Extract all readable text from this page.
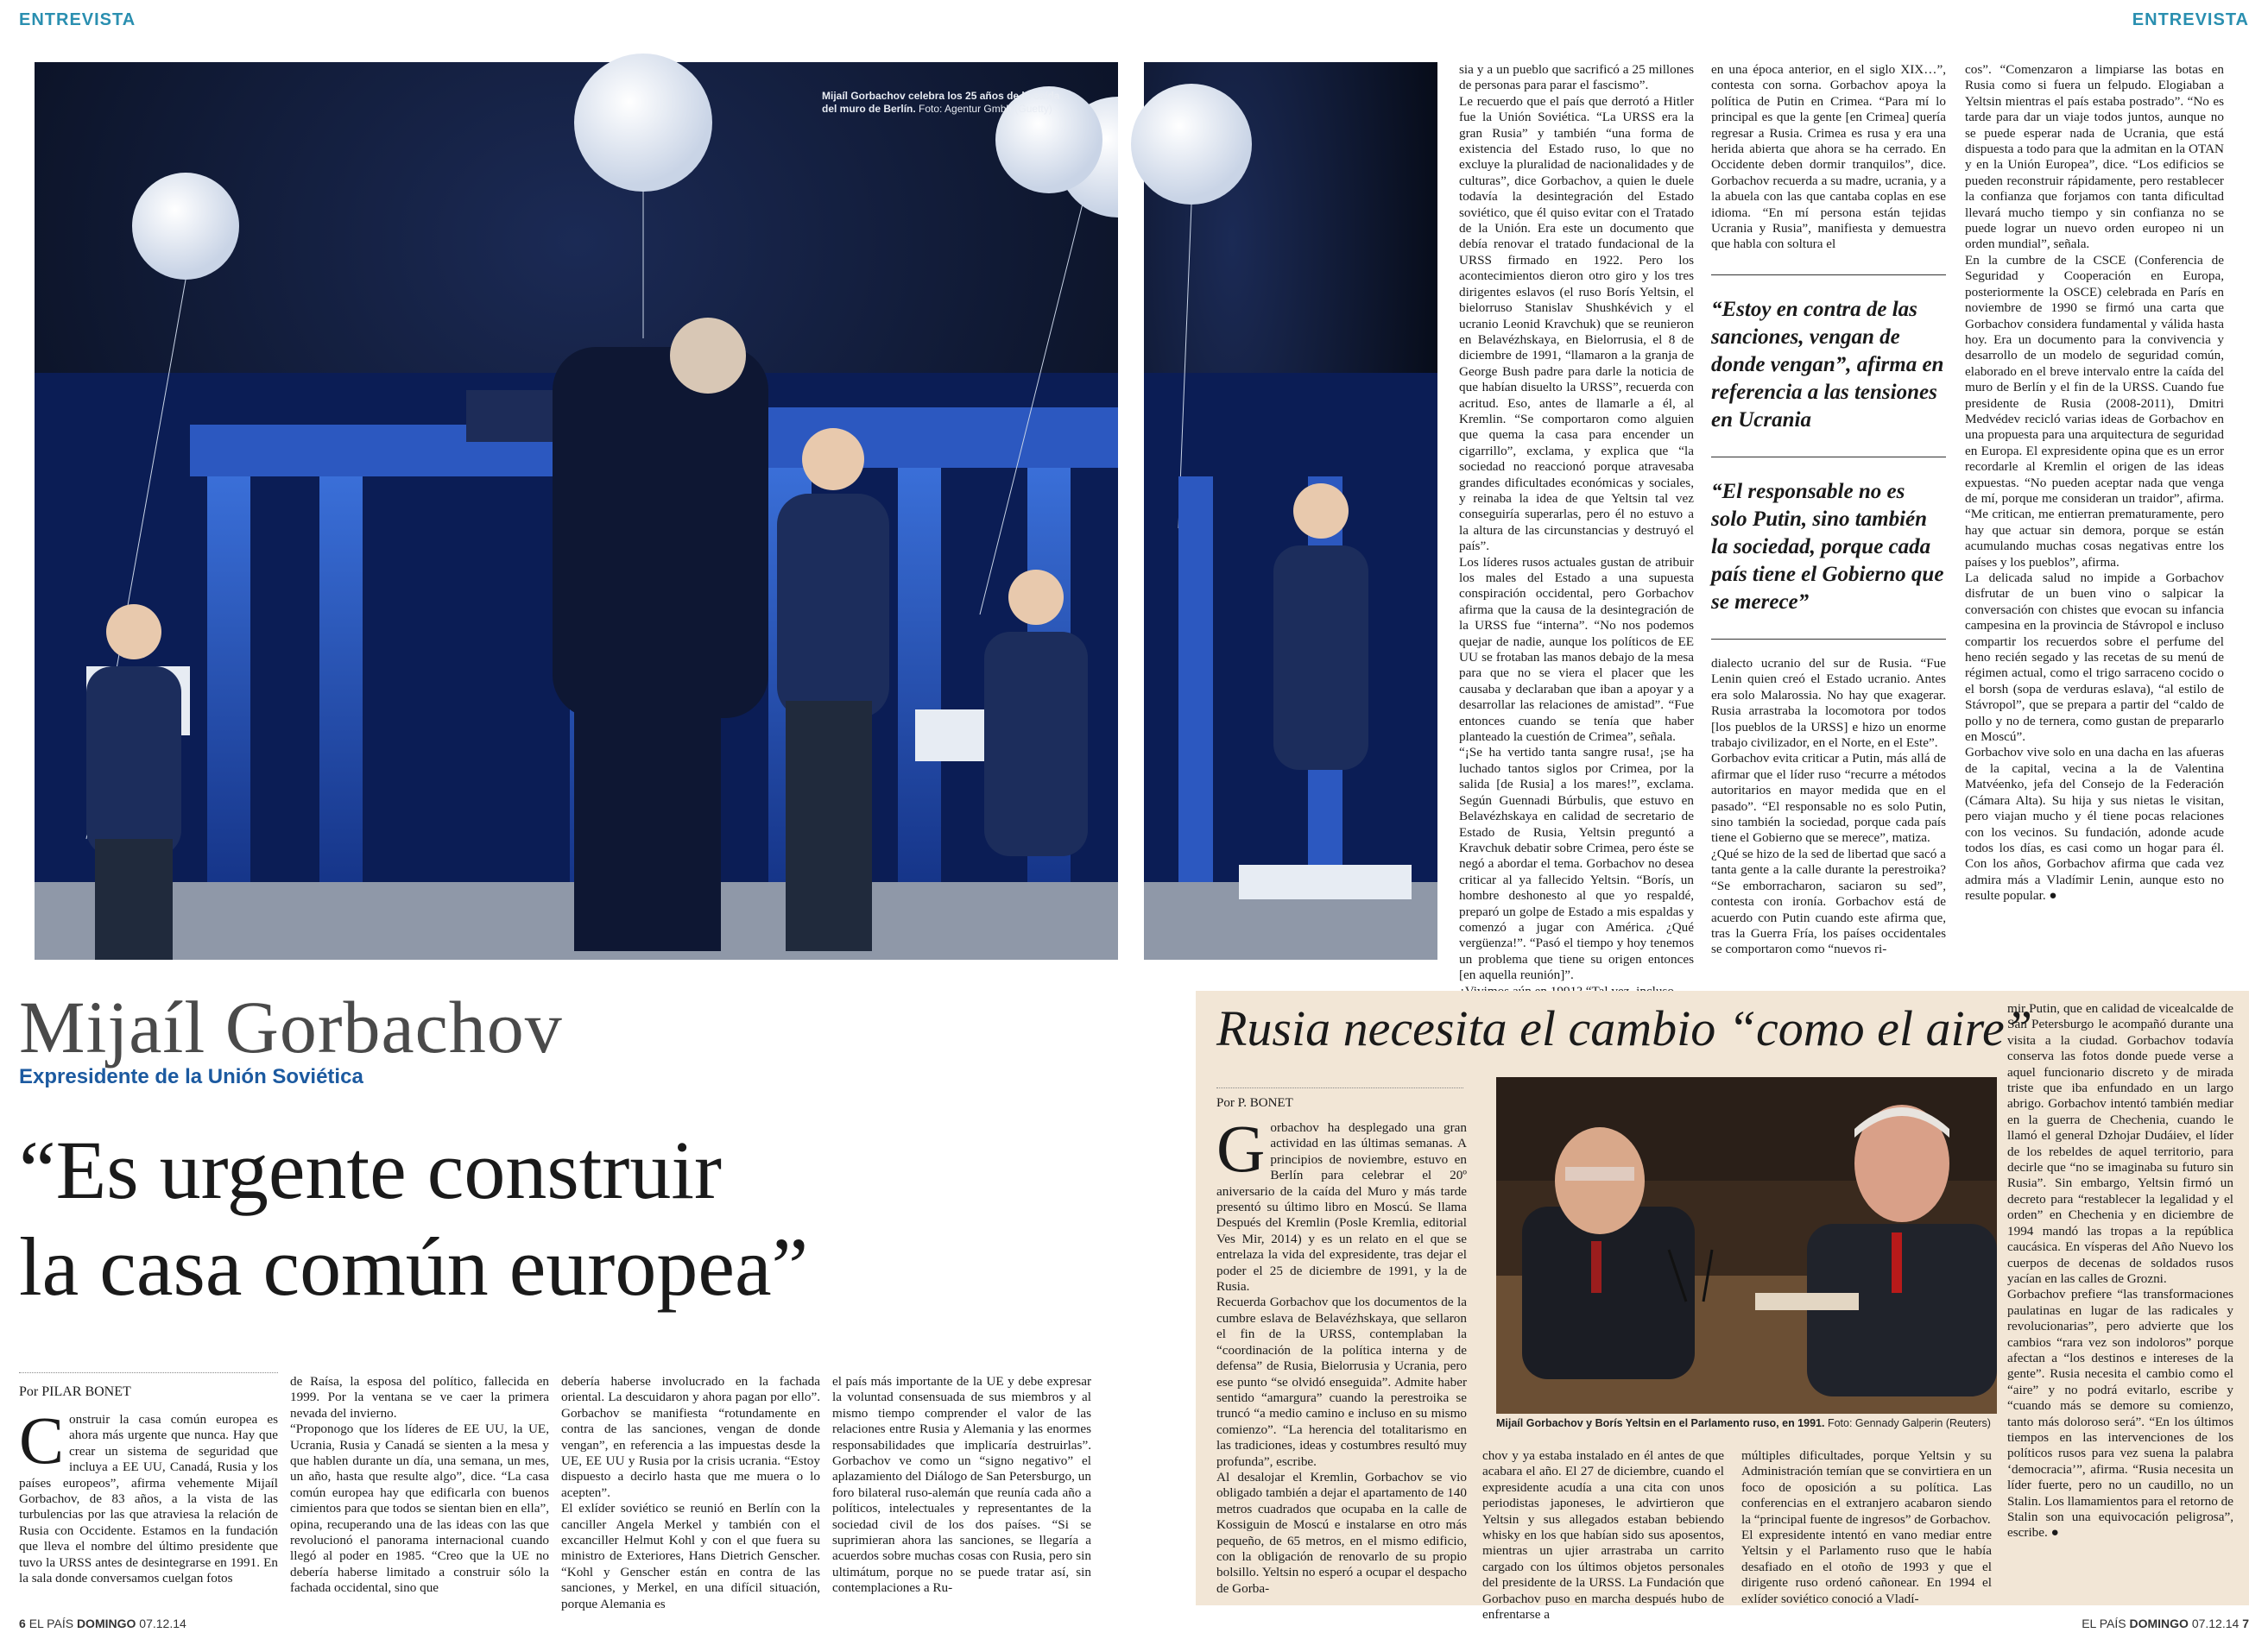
ENTREVISTA	ENTREVISTA
Mijaíl Gorbachov celebra los 25 años de la caída del muro de Berlín. Foto: Agentur Gmbh (Guetty)
sia y a un pueblo que sacrificó a 25 millones de personas para parar el fascismo”.
Le recuerdo que el país que derrotó a Hitler fue la Unión Soviética. “La URSS era la gran Rusia” y también “una forma de existencia del Estado ruso, lo que no excluye la pluralidad de nacionalidades y de culturas”, dice Gorbachov, a quien le duele todavía la desintegración del Estado soviético, que él quiso evitar con el Tratado de la Unión. Era este un documento que debía renovar el tratado fundacional de la URSS firmado en 1922. Pero los acontecimientos dieron otro giro y los tres dirigentes eslavos (el ruso Borís Yeltsin, el bielorruso Stanislav Shushkévich y el ucranio Leonid Kravchuk) que se reunieron en Belavézhskaya, en Bielorrusia, el 8 de diciembre de 1991, “llamaron a la granja de George Bush padre para darle la noticia de que habían disuelto la URSS”, recuerda con acritud. Eso, antes de llamarle a él, al Kremlin. “Se comportaron como alguien que quema la casa para encender un cigarrillo”, exclama, y explica que “la sociedad no reaccionó porque atravesaba grandes dificultades económicas y sociales, y reinaba la idea de que Yeltsin tal vez conseguiría superarlas, pero él no estuvo a la altura de las circunstancias y destruyó el país”.
Los líderes rusos actuales gustan de atribuir los males del Estado a una supuesta conspiración occidental, pero Gorbachov afirma que la causa de la desintegración de la URSS fue “interna”. “No nos podemos quejar de nadie, aunque los políticos de EE UU se frotaban las manos debajo de la mesa para que no se viera el placer que les causaba y declaraban que iban a apoyar y a desarrollar las relaciones de amistad”. “Fue entonces cuando se tenía que haber planteado la cuestión de Crimea”, señala.
“¡Se ha vertido tanta sangre rusa!, ¡se ha luchado tantos siglos por Crimea, por la salida [de Rusia] a los mares!”, exclama. Según Guennadi Búrbulis, que estuvo en Belavézhskaya en calidad de secretario de Estado de Rusia, Yeltsin preguntó a Kravchuk debatir sobre Crimea, pero éste se negó a abordar el tema. Gorbachov no desea criticar al ya fallecido Yeltsin. “Borís, un hombre deshonesto al que yo respaldé, preparó un golpe de Estado a mis espaldas y comenzó a jugar con América. ¿Qué vergüenza!”. “Pasó el tiempo y hoy tenemos un problema que tiene su origen entonces [en aquella reunión]”.

en una época anterior, en el siglo XIX…”, contesta con sorna. Gorbachov apoya la política de Putin en Crimea. “Para mí lo principal es que la gente [en Crimea] quería regresar a Rusia. Crimea es rusa y era una herida abierta que ahora se ha cerrado. En Occidente deben dormir tranquilos”, dice. Gorbachov recuerda a su madre, ucrania, y a la abuela con las que cantaba coplas en ese idioma. “En mí persona están tejidas Ucrania y Rusia”, manifiesta y demuestra que habla con soltura el
“Estoy en contra de las sanciones, vengan de donde vengan”, afirma en referencia a las tensiones en Ucrania
“El responsable no es solo Putin, sino también la sociedad, porque cada país tiene el Gobierno que se merece”
dialecto ucranio del sur de Rusia. “Fue Lenin quien creó el Estado ucranio. Antes era solo Malarossia. No hay que exagerar. Rusia arrastraba la locomotora por todos [los pueblos de la URSS] e hizo un enorme trabajo civilizador, en el Norte, en el Este”.
Gorbachov evita criticar a Putin, más allá de afirmar que el líder ruso “recurre a métodos autoritarios en mayor medida que en el pasado”. “El responsable no es solo Putin, sino también la sociedad, porque cada país tiene el Gobierno que se merece”, matiza.
¿Qué se hizo de la sed de libertad que sacó a tanta gente a la calle durante la perestroika? “Se emborracharon, saciaron su sed”, contesta con ironía. Gorbachov está de acuerdo con Putin cuando este afirma que, tras la Guerra Fría, los países occidentales se comportaron como “nuevos ri-
cos”. “Comenzaron a limpiarse las botas en Rusia como si fuera un felpudo. Elogiaban a Yeltsin mientras el país estaba postrado”. “No es tarde para dar un viaje todos juntos, aunque no se puede esperar nada de Ucrania, que está dispuesta a todo para que la admitan en la OTAN y en la Unión Europea”, dice. “Los edificios se pueden reconstruir rápidamente, pero restablecer la confianza que forjamos con tanta dificultad llevará mucho tiempo y sin confianza no se puede lograr un nuevo orden europeo ni un orden mundial”, señala.
En la cumbre de la CSCE (Conferencia de Seguridad y Cooperación en Europa, posteriormente la OSCE) celebrada en París en noviembre de 1990 se firmó una carta que Gorbachov considera fundamental y válida hasta hoy. Era un documento para la convivencia y desarrollo de un modelo de seguridad común, elaborado en el breve intervalo entre la caída del muro de Berlín y el fin de la URSS. Cuando fue presidente de Rusia (2008-2011), Dmitri Medvédev recicló varias ideas de Gorbachov en una propuesta para una arquitectura de seguridad en Europa. El expresidente opina que es un error recordarle al Kremlin el origen de las ideas expuestas. “No pueden aceptar nada que venga de mí, porque me consideran un traidor”, afirma. “Me critican, me entierran prematuramente, pero hay que actuar sin demora, porque se están acumulando muchas cosas negativas entre los países y los pueblos”, afirma.
La delicada salud no impide a Gorbachov disfrutar de un buen vino o salpicar la conversación con chistes que evocan su infancia campesina en la provincia de Stávropol e incluso compartir los recuerdos sobre el perfume del heno recién segado y las recetas de su menú de régimen actual, como el trigo sarraceno cocido o el borsh (sopa de verduras eslava), “al estilo de Stávropol”, que se prepara a partir del “caldo de pollo y no de ternera, como gustan de prepararlo en Moscú”.
Gorbachov vive solo en una dacha en las afueras de la capital, vecina a la de Valentina Matvéenko, jefa del Consejo de la Federación (Cámara Alta). Su hija y sus nietas le visitan, pero viajan mucho y él tiene pocas relaciones con los vecinos. Su fundación, adonde acude todos los días, es casi como un hogar para él. Con los años, Gorbachov afirma que cada vez admira más a Vladímir Lenin, aunque esto no resulte popular. ●
Mijaíl Gorbachov
Expresidente de la Unión Soviética
“Es urgente construir
la casa común europea”
Por PILAR BONET
C onstruir la casa común europea es ahora más urgente que nunca. Hay que crear un sistema de seguridad que incluya a EE UU, Canadá, Rusia y los países europeos”, afirma vehemente Mijaíl Gorbachov, de 83 años, a la vista de las turbulencias por las que atraviesa la relación de Rusia con Occidente. Estamos en la fundación que lleva el nombre del último presidente que tuvo la URSS antes de desintegrarse en 1991. En la sala donde conversamos cuelgan fotos
de Raísa, la esposa del político, fallecida en 1999. Por la ventana se ve caer la primera nevada del invierno.
“Proponogo que los líderes de EE UU, la UE, Ucrania, Rusia y Canadá se sienten a la mesa y que hablen durante un día, una semana, un mes, un año, hasta que resulte algo”, dice. “La casa común europea hay que edificarla con buenos cimientos para que todos se sientan bien en ella”, opina, recuperando una de las ideas con las que revolucionó el panorama internacional cuando llegó al poder en 1985. “Creo que la UE no debería haberse limitado a construir sólo la fachada occidental, sino que
debería haberse involucrado en la fachada oriental. La descuidaron y ahora pagan por ello”. Gorbachov se manifiesta “rotundamente en contra de las sanciones, vengan de donde vengan”, en referencia a las impuestas desde la UE, EE UU y Rusia por la crisis ucrania. “Estoy dispuesto a decirlo hasta que me muera o lo acepten”.
El exlíder soviético se reunió en Berlín con la canciller Angela Merkel y también con el excanciller Helmut Kohl y con el que fuera su ministro de Exteriores, Hans Dietrich Genscher. “Kohl y Genscher están en contra de las sanciones, y Merkel, en una difícil situación, porque Alemania es
el país más importante de la UE y debe expresar la voluntad consensuada de sus miembros y al mismo tiempo comprender el valor de las relaciones entre Rusia y Alemania y las enormes responsabilidades que implicaría destruirlas”. Gorbachov ve como un “signo negativo” el aplazamiento del Diálogo de San Petersburgo, un foro bilateral ruso-alemán que reunía cada año a políticos, intelectuales y representantes de la sociedad civil de los dos países. “Si se suprimieran ahora las sanciones, se llegaría a acuerdos sobre muchas cosas con Rusia, pero sin ultimátum, porque no se puede tratar así, sin contemplaciones a Ru-
Rusia necesita el cambio “como el aire”
Por P. BONET
G orbachov ha desplegado una gran actividad en las últimas semanas. A principios de noviembre, estuvo en Berlín para celebrar el 20º aniversario de la caída del Muro y más tarde presentó su último libro en Moscú. Se llama Después del Kremlin (Posle Kremlia, editorial Ves Mir, 2014) y es un relato en el que se entrelaza la vida del expresidente, tras dejar el poder el 25 de diciembre de 1991, y la de Rusia.
Recuerda Gorbachov que los documentos de la cumbre eslava de Belavézhskaya, que sellaron el fin de la URSS, contemplaban la “coordinación de la política interna y de defensa” de Rusia, Bielorrusia y Ucrania, pero ese punto “se olvidó enseguida”. Admite haber sentido “amargura” cuando la perestroika se truncó “a medio camino e incluso en su mismo comienzo”. “La herencia del totalitarismo en las tradiciones, ideas y costumbres resultó muy profunda”, escribe.
Al desalojar el Kremlin, Gorbachov se vio obligado también a dejar el apartamento de 140 metros cuadrados que ocupaba en la calle de Kossiguin de Moscú e instalarse en otro más pequeño, de 65 metros, en el mismo edificio, con la obligación de renovarlo de su propio bolsillo. Yeltsin no esperó a ocupar el despacho de Gorba-
Mijaíl Gorbachov y Borís Yeltsin en el Parlamento ruso, en 1991. Foto: Gennady Galperin (Reuters)
chov y ya estaba instalado en él antes de que acabara el año. El 27 de diciembre, cuando el expresidente acudía a una cita con unos periodistas japoneses, le advirtieron que Yeltsin y sus allegados estaban bebiendo whisky en los que habían sido sus aposentos, mientras un ujier arrastraba un carrito cargado con los últimos objetos personales del presidente de la URSS. La Fundación que Gorbachov puso en marcha después hubo de enfrentarse a
múltiples dificultades, porque Yeltsin y su Administración temían que se convirtiera en un foco de oposición a su política. Las conferencias en el extranjero acabaron siendo la “principal fuente de ingresos” de Gorbachov.
El expresidente intentó en vano mediar entre Yeltsin y el Parlamento ruso que le había desafiado en el otoño de 1993 y que el dirigente ruso ordenó cañonear. En 1994 el exlíder soviético conoció a Vladí-
mir Putin, que en calidad de vicealcalde de San Petersburgo le acompañó durante una visita a la ciudad. Gorbachov todavía conserva las fotos donde puede verse a aquel funcionario discreto y de mirada triste que iba enfundado en un largo abrigo. Gorbachov intentó también mediar en la guerra de Chechenia, cuando le llamó el general Dzhojar Dudáiev, el líder de los rebeldes de aquel territorio, para decirle que “no se imaginaba su futuro sin Rusia”. Sin embargo, Yeltsin firmó un decreto para “restablecer la legalidad y el orden” en Chechenia y en diciembre de 1994 mandó las tropas a la república caucásica. En vísperas del Año Nuevo los cuerpos de decenas de soldados rusos yacían en las calles de Grozni.
Gorbachov prefiere “las transformaciones paulatinas en lugar de las radicales y revolucionarias”, pero advierte que los cambios “rara vez son indoloros” porque afectan a “los destinos e intereses de la gente”. Rusia necesita el cambio como el “aire” y no podrá evitarlo, escribe y “cuando más se demore su comienzo, tanto más doloroso será”. “En los últimos tiempos en las intervenciones de los políticos rusos para vez suena la palabra ‘democracia’”, afirma. “Rusia necesita un líder fuerte, pero no un caudillo, no un Stalin. Los llamamientos para el retorno de Stalin son una equivocación peligrosa”, escribe. ●
6 EL PAÍS DOMINGO 07.12.14	EL PAÍS DOMINGO 07.12.14 7
